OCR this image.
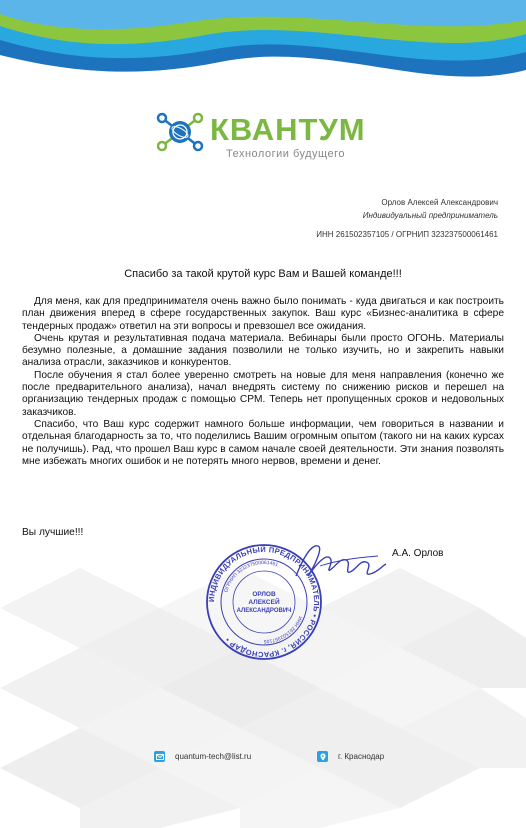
КВАНТУМ
Технологии будущего
Орлов Алексей Александрович
Индивидуальный предприниматель
ИНН 261502357105 / ОГРНИП 323237500061461
Спасибо за такой крутой курс Вам и Вашей команде!!!

Для меня, как для предпринимателя очень важно было понимать - куда двигаться и как построить план движения вперед в сфере государственных закупок. Ваш курс «Бизнес-аналитика в сфере тендерных продаж» ответил на эти вопросы и превзошел все ожидания.

Очень крутая и результативная подача материала. Вебинары были просто ОГОНЬ. Материалы безумно полезные, а домашние задания позволили не только изучить, но и закрепить навыки анализа отрасли, заказчиков и конкурентов.

После обучения я стал более уверенно смотреть на новые для меня направления (конечно же после предварительного анализа), начал внедрять систему по снижению рисков и перешел на организацию тендерных продаж с помощью CPM. Теперь нет пропущенных сроков и недовольных заказчиков.

Спасибо, что Ваш курс содержит намного больше информации, чем говориться в названии и отдельная благодарность за то, что поделились Вашим огромным опытом (такого ни на каких курсах не получишь). Рад, что прошел Ваш курс в самом начале своей деятельности. Эти знания позволять мне избежать многих ошибок и не потерять много нервов, времени и денег.

Вы лучшие!!!
ИНДИВИДУАЛЬНЫЙ ПРЕДПРИНИМАТЕЛЬ • РОССИЯ, г. КРАСНОДАР •
ОГРНИП 323237500061461
ИНН 261502357105
ОРЛОВ
АЛЕКСЕЙ
АЛЕКСАНДРОВИЧ
А.А. Орлов
quantum-tech@list.ru	г. Краснодар
